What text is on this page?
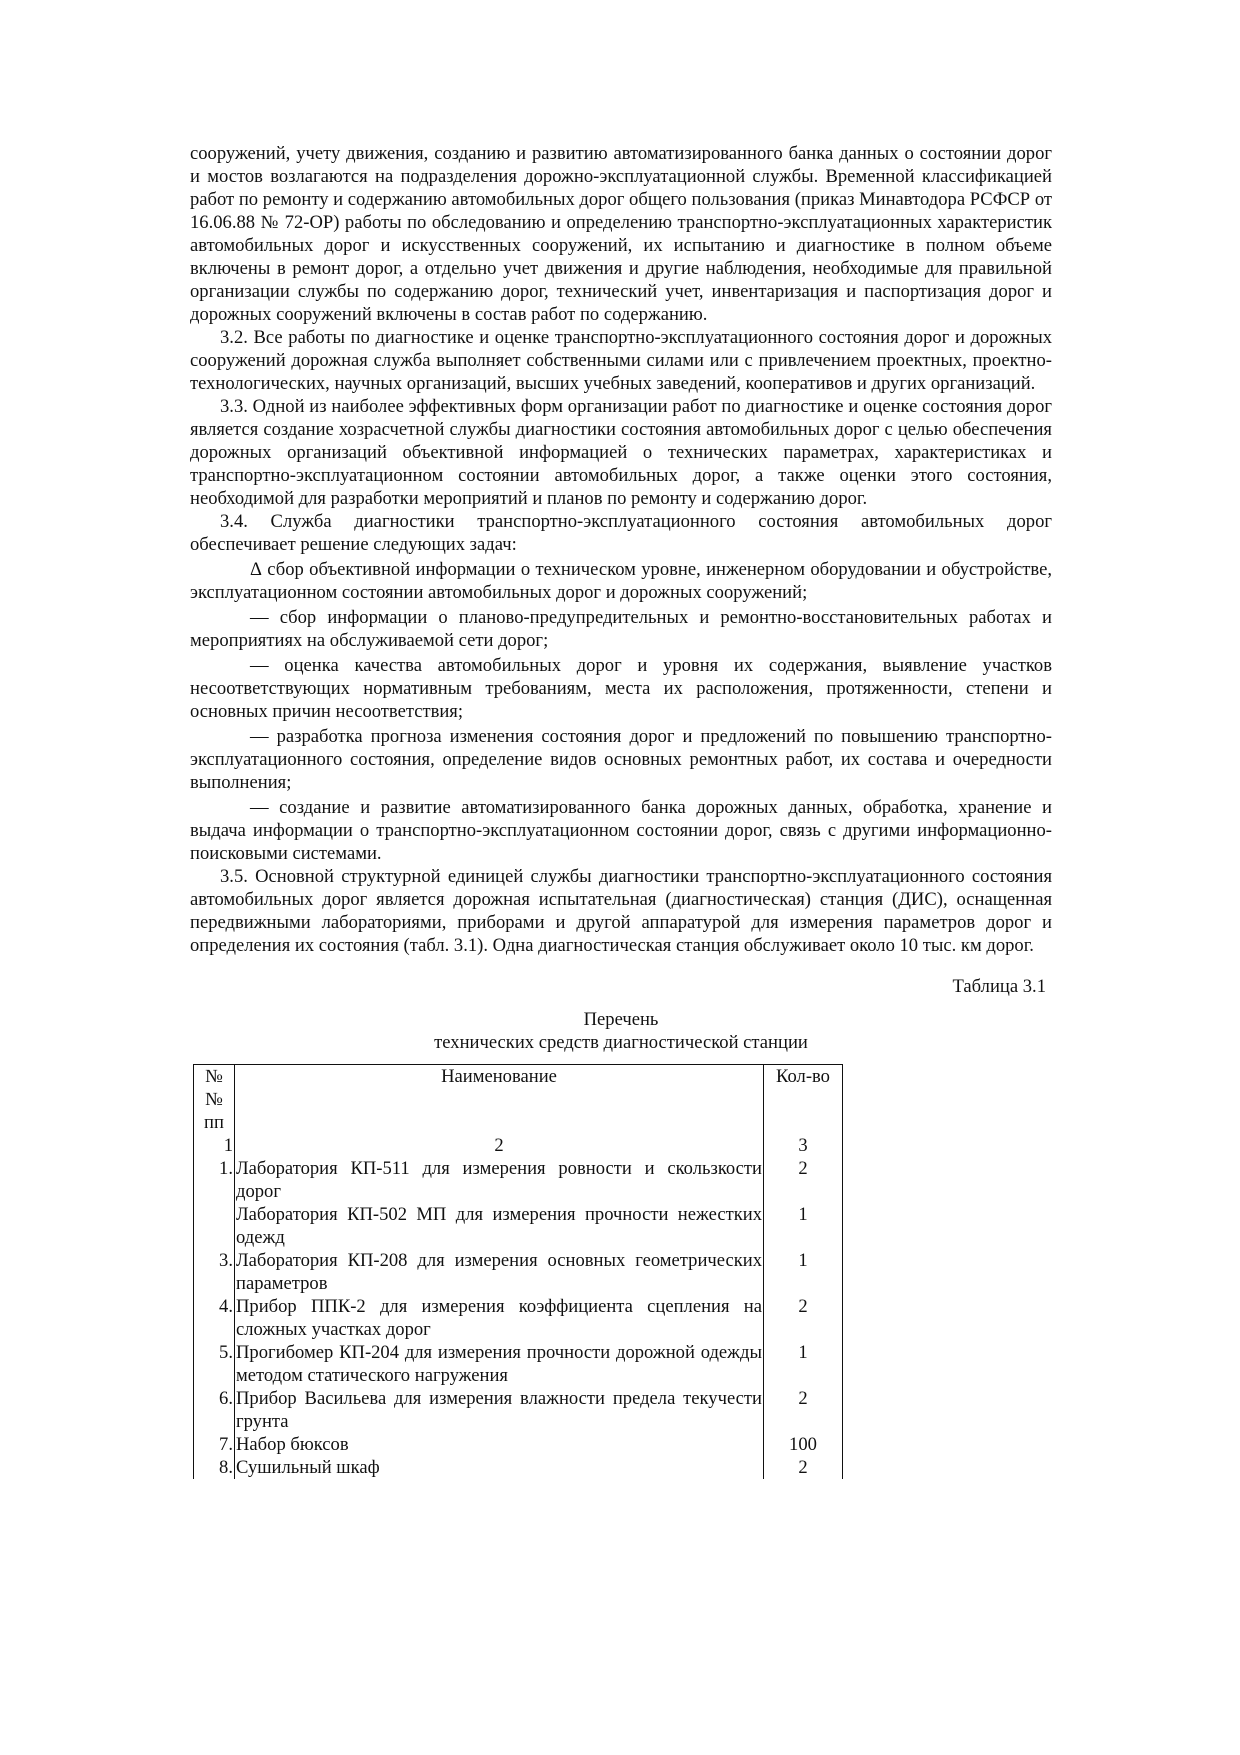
сооружений, учету движения, созданию и развитию автоматизированного банка данных о состоянии дорог и мостов возлагаются на подразделения дорожно-эксплуатационной службы. Временной классификацией работ по ремонту и содержанию автомобильных дорог общего пользования (приказ Минавтодора РСФСР от 16.06.88 № 72-ОР) работы по обследованию и определению транспортно-эксплуатационных характеристик автомобильных дорог и искусственных сооружений, их испытанию и диагностике в полном объеме включены в ремонт дорог, а отдельно учет движения и другие наблюдения, необходимые для правильной организации службы по содержанию дорог, технический учет, инвентаризация и паспортизация дорог и дорожных сооружений включены в состав работ по содержанию.

3.2. Все работы по диагностике и оценке транспортно-эксплуатационного состояния дорог и дорожных сооружений дорожная служба выполняет собственными силами или с привлечением проектных, проектно-технологических, научных организаций, высших учебных заведений, кооперативов и других организаций.

3.3. Одной из наиболее эффективных форм организации работ по диагностике и оценке состояния дорог является создание хозрасчетной службы диагностики состояния автомобильных дорог с целью обеспечения дорожных организаций объективной информацией о технических параметрах, характеристиках и транспортно-эксплуатационном состоянии автомобильных дорог, а также оценки этого состояния, необходимой для разработки мероприятий и планов по ремонту и содержанию дорог.

3.4. Служба диагностики транспортно-эксплуатационного состояния автомобильных дорог обеспечивает решение следующих задач:

Δ сбор объективной информации о техническом уровне, инженерном оборудовании и обустройстве, эксплуатационном состоянии автомобильных дорог и дорожных сооружений;

— сбор информации о планово-предупредительных и ремонтно-восстановительных работах и мероприятиях на обслуживаемой сети дорог;

— оценка качества автомобильных дорог и уровня их содержания, выявление участков несоответствующих нормативным требованиям, места их расположения, протяженности, степени и основных причин несоответствия;

— разработка прогноза изменения состояния дорог и предложений по повышению транспортно-эксплуатационного состояния, определение видов основных ремонтных работ, их состава и очередности выполнения;

— создание и развитие автоматизированного банка дорожных данных, обработка, хранение и выдача информации о транспортно-эксплуатационном состоянии дорог, связь с другими информационно-поисковыми системами.

3.5. Основной структурной единицей службы диагностики транспортно-эксплуатационного состояния автомобильных дорог является дорожная испытательная (диагностическая) станция (ДИС), оснащенная передвижными лабораториями, приборами и другой аппаратурой для измерения параметров дорог и определения их состояния (табл. 3.1). Одна диагностическая станция обслуживает около 10 тыс. км дорог.

Таблица 3.1
Перечень
технических средств диагностической станции
№
№
пп	Наименование	Кол-во
1	2	3
1.	Лаборатория КП-511 для измерения ровности и скользкости дорог	2
	Лаборатория КП-502 МП для измерения прочности нежестких одежд	1
3.	Лаборатория КП-208 для измерения основных геометрических параметров	1
4.	Прибор ППК-2 для измерения коэффициента сцепления на сложных участках дорог	2
5.	Прогибомер КП-204 для измерения прочности дорожной одежды методом статического нагружения	1
6.	Прибор Васильева для измерения влажности предела текучести грунта	2
7.	Набор бюксов	100
8.	Сушильный шкаф	2
